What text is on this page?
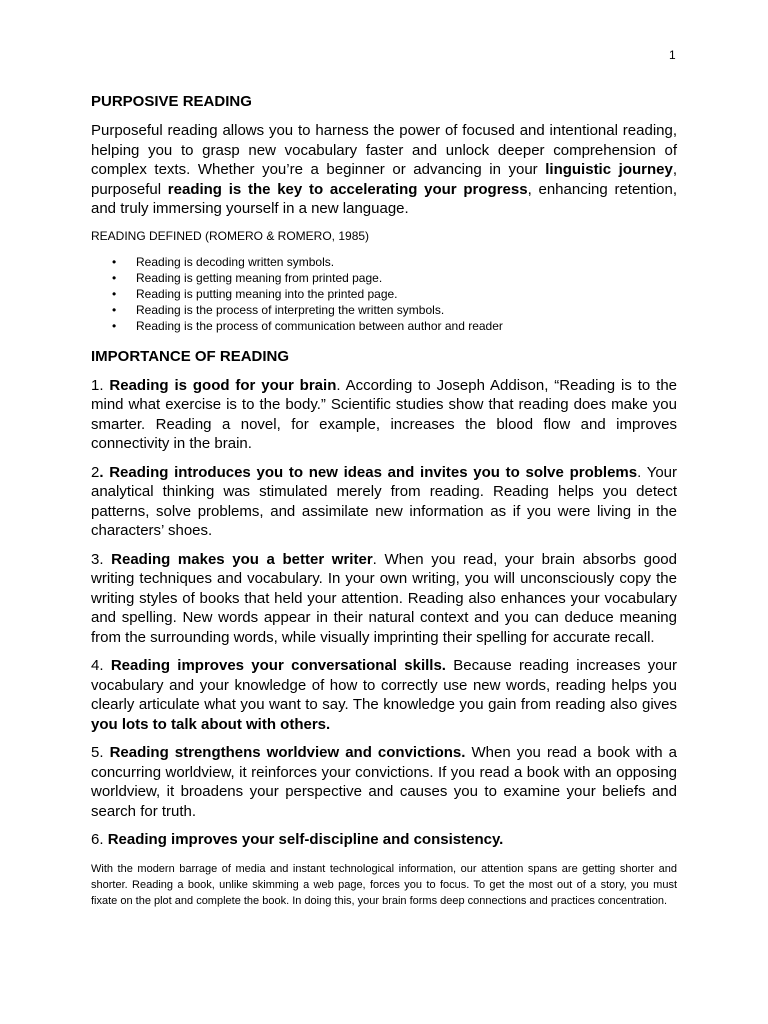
1
PURPOSIVE READING

Purposeful reading allows you to harness the power of focused and intentional reading, helping you to grasp new vocabulary faster and unlock deeper comprehension of complex texts. Whether you’re a beginner or advancing in your linguistic journey, purposeful reading is the key to accelerating your progress, enhancing retention, and truly immersing yourself in a new language.

READING DEFINED (ROMERO & ROMERO, 1985)

• Reading is decoding written symbols.
• Reading is getting meaning from printed page.
• Reading is putting meaning into the printed page.
• Reading is the process of interpreting the written symbols.
• Reading is the process of communication between author and reader
IMPORTANCE OF READING

1. Reading is good for your brain. According to Joseph Addison, “Reading is to the mind what exercise is to the body.” Scientific studies show that reading does make you smarter. Reading a novel, for example, increases the blood flow and improves connectivity in the brain.

2. Reading introduces you to new ideas and invites you to solve problems. Your analytical thinking was stimulated merely from reading. Reading helps you detect patterns, solve problems, and assimilate new information as if you were living in the characters’ shoes.

3. Reading makes you a better writer. When you read, your brain absorbs good writing techniques and vocabulary. In your own writing, you will unconsciously copy the writing styles of books that held your attention. Reading also enhances your vocabulary and spelling. New words appear in their natural context and you can deduce meaning from the surrounding words, while visually imprinting their spelling for accurate recall.

4. Reading improves your conversational skills. Because reading increases your vocabulary and your knowledge of how to correctly use new words, reading helps you clearly articulate what you want to say. The knowledge you gain from reading also gives you lots to talk about with others.

5. Reading strengthens worldview and convictions. When you read a book with a concurring worldview, it reinforces your convictions. If you read a book with an opposing worldview, it broadens your perspective and causes you to examine your beliefs and search for truth.

6. Reading improves your self-discipline and consistency.

With the modern barrage of media and instant technological information, our attention spans are getting shorter and shorter. Reading a book, unlike skimming a web page, forces you to focus. To get the most out of a story, you must fixate on the plot and complete the book. In doing this, your brain forms deep connections and practices concentration.
